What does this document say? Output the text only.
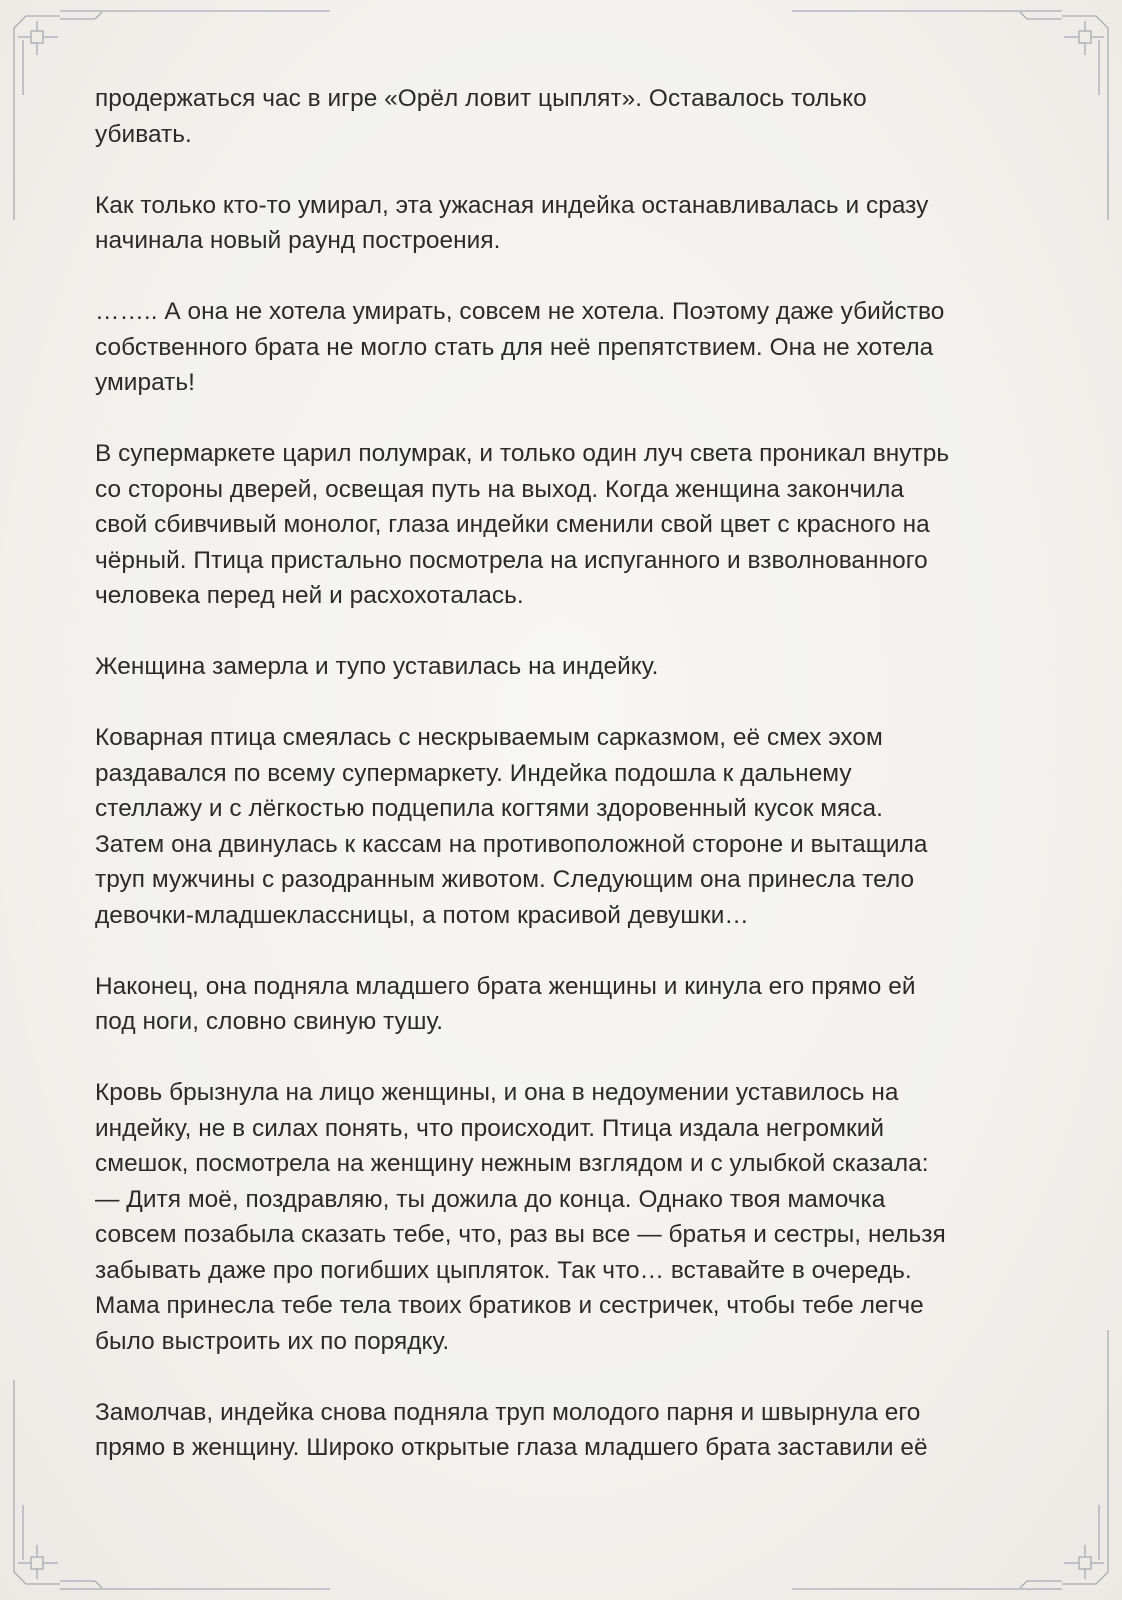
продержаться час в игре «Орёл ловит цыплят». Оставалось только
убивать.

Как только кто-то умирал, эта ужасная индейка останавливалась и сразу
начинала новый раунд построения.

…….. А она не хотела умирать, совсем не хотела. Поэтому даже убийство
собственного брата не могло стать для неё препятствием. Она не хотела
умирать!

В супермаркете царил полумрак, и только один луч света проникал внутрь
со стороны дверей, освещая путь на выход. Когда женщина закончила
свой сбивчивый монолог, глаза индейки сменили свой цвет с красного на
чёрный. Птица пристально посмотрела на испуганного и взволнованного
человека перед ней и расхохоталась.

Женщина замерла и тупо уставилась на индейку.

Коварная птица смеялась с нескрываемым сарказмом, её смех эхом
раздавался по всему супермаркету. Индейка подошла к дальнему
стеллажу и с лёгкостью подцепила когтями здоровенный кусок мяса.
Затем она двинулась к кассам на противоположной стороне и вытащила
труп мужчины с разодранным животом. Следующим она принесла тело
девочки-младшеклассницы, а потом красивой девушки…

Наконец, она подняла младшего брата женщины и кинула его прямо ей
под ноги, словно свиную тушу.

Кровь брызнула на лицо женщины, и она в недоумении уставилось на
индейку, не в силах понять, что происходит. Птица издала негромкий
смешок, посмотрела на женщину нежным взглядом и с улыбкой сказала:
— Дитя моё, поздравляю, ты дожила до конца. Однако твоя мамочка
совсем позабыла сказать тебе, что, раз вы все — братья и сестры, нельзя
забывать даже про погибших цыпляток. Так что… вставайте в очередь.
Мама принесла тебе тела твоих братиков и сестричек, чтобы тебе легче
было выстроить их по порядку.

Замолчав, индейка снова подняла труп молодого парня и швырнула его
прямо в женщину. Широко открытые глаза младшего брата заставили её
